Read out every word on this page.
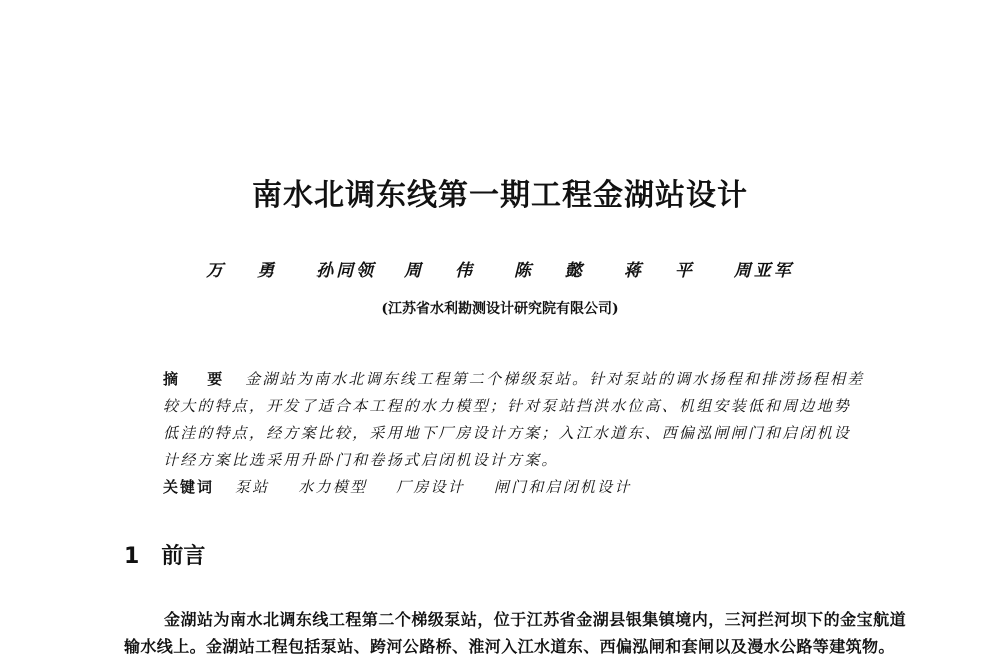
南水北调东线第一期工程金湖站设计
万 勇 孙同领 周 伟 陈 懿 蒋 平 周亚军
(江苏省水利勘测设计研究院有限公司)
摘 要 金湖站为南水北调东线工程第二个梯级泵站。针对泵站的调水扬程和排涝扬程相差较大的特点，开发了适合本工程的水力模型；针对泵站挡洪水位高、机组安装低和周边地势低洼的特点，经方案比较，采用地下厂房设计方案；入江水道东、西偏泓闸闸门和启闭机设计经方案比选采用升卧门和卷扬式启闭机设计方案。
关键词 泵站 水力模型 厂房设计 闸门和启闭机设计
1 前言

金湖站为南水北调东线工程第二个梯级泵站，位于江苏省金湖县银集镇境内，三河拦河坝下的金宝航道输水线上。金湖站工程包括泵站、跨河公路桥、淮河入江水道东、西偏泓闸和套闸以及漫水公路等建筑物。
